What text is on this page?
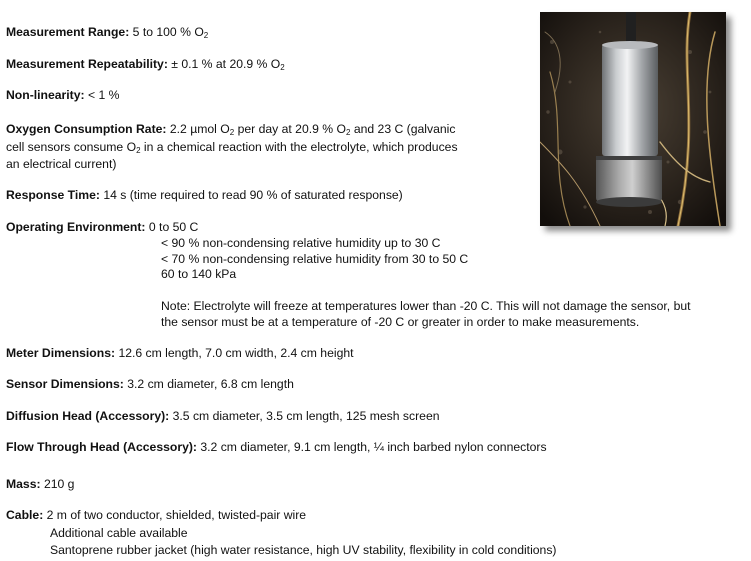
Measurement Range: 5 to 100 % $O_2$
Measurement Repeatability: ± 0.1 % at 20.9 % $O_2$
Non-linearity: < 1 %
Oxygen Consumption Rate: 2.2 µmol $O_2$ per day at 20.9 % $O_2$ and 23 C (galvanic
cell sensors consume $O_2$ in a chemical reaction with the electrolyte, which produces
an electrical current)
Response Time: 14 s (time required to read 90 % of saturated response)
Operating Environment: 0 to 50 C
< 90 % non-condensing relative humidity up to 30 C
< 70 % non-condensing relative humidity from 30 to 50 C
60 to 140 kPa
Note: Electrolyte will freeze at temperatures lower than -20 C. This will not damage the sensor, but
the sensor must be at a temperature of -20 C or greater in order to make measurements.
Meter Dimensions: 12.6 cm length, 7.0 cm width, 2.4 cm height
Sensor Dimensions: 3.2 cm diameter, 6.8 cm length
Diffusion Head (Accessory): 3.5 cm diameter, 3.5 cm length, 125 mesh screen
Flow Through Head (Accessory): 3.2 cm diameter, 9.1 cm length, ¼ inch barbed nylon connectors
Mass: 210 g
Cable: 2 m of two conductor, shielded, twisted-pair wire
Additional cable available
Santoprene rubber jacket (high water resistance, high UV stability, flexibility in cold conditions)
